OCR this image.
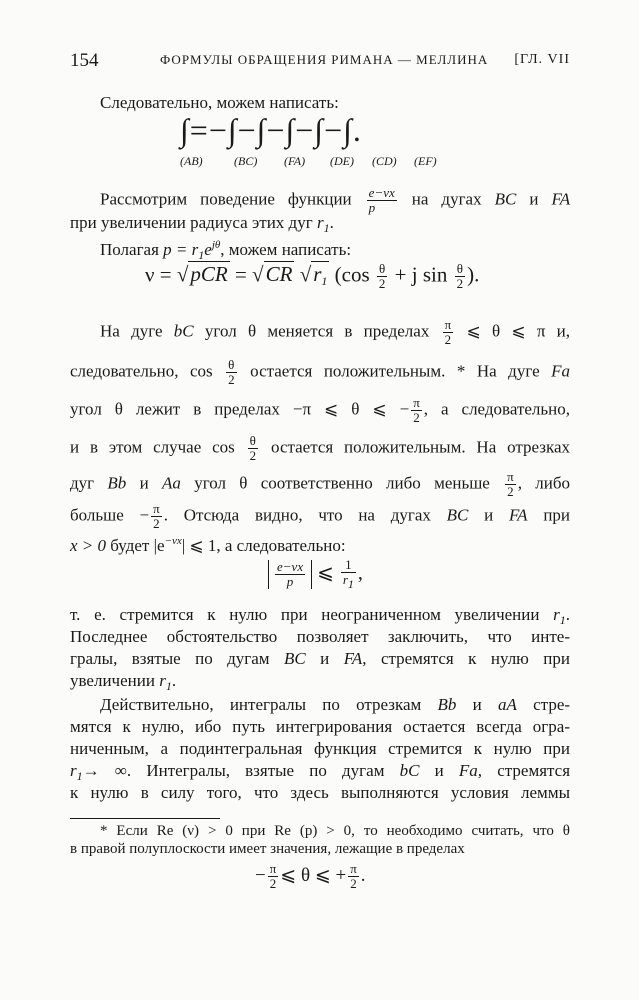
154	ФОРМУЛЫ ОБРАЩЕНИЯ РИМАНА — МЕЛЛИНА [ГЛ. VII
Следовательно, можем написать:
∫=−∫−∫−∫−∫−∫.
(AB)	(BC) (FA) (DE) (CD) (EF)
Рассмотрим поведение функции $\frac{e-\nu x}{p}$ на дугах BC и FA
при увеличении радиуса этих дуг $r_1$.
Полагая $p = r_1e^{j\theta}$, можем написать:
ν = √pCR = √CR $√r_1$ ($\cos \frac{\theta}{2} + j$ $\sin \frac{\theta}{2}$ ).
На дуге bC угол θ меняется в пределах $\frac{\pi}{2}$ ⩽ θ ⩽ π и,
следовательно, $\cos \frac{\theta}{2}$ остается положительным. * На дуге Fa
угол θ лежит в пределах −π ⩽ θ ⩽ − $\frac{\pi}{2}$ , а следовательно,
и в этом случае $\cos \frac{\theta}{2}$ остается положительным. На отрезках
дуг Bb и Aa угол θ соответственно либо меньше $\frac{\pi}{2}$ , либо
больше − $\frac{\pi}{2}$ . Отсюда видно, что на дугах BC и FA при
x > 0 будет $|e^{-\nu x}|$ ⩽ 1, а следовательно:
$\frac{e-\nu x}{p}$ ⩽ $\frac{1}{r1}$ ,
т. е. стремится к нулю при неограниченном увеличении $r_1$.
Последнее обстоятельство позволяет заключить, что инте-
гралы, взятые по дугам BC и FA, стремятся к нулю при
увеличении $r_1$.
Действительно, интегралы по отрезкам Bb и aA стре-
мятся к нулю, ибо путь интегрирования остается всегда огра-
ниченным, а подинтегральная функция стремится к нулю при
$r_1\to$ ∞. Интегралы, взятые по дугам bC и Fa, стремятся
к нулю в силу того, что здесь выполняются условия леммы
* Если Re (ν) > 0 при Re (p) > 0, то необходимо считать, что θ
в правой полуплоскости имеет значения, лежащие в пределах
− $\frac{\pi}{2}$ ⩽ θ ⩽ + $\frac{\pi}{2}$ .
